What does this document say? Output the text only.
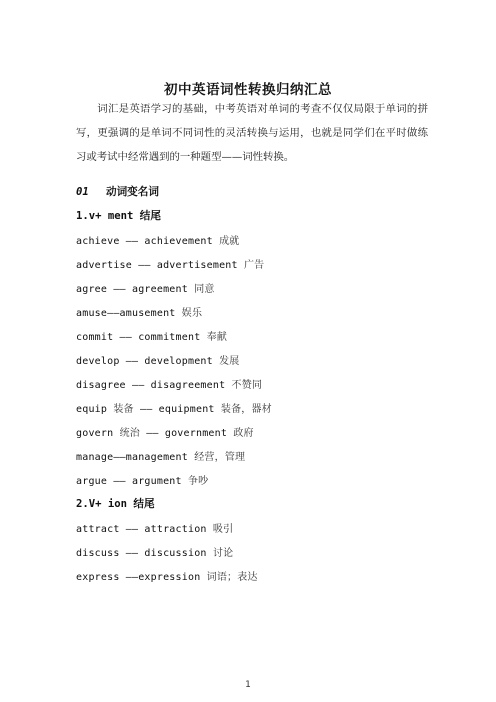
初中英语词性转换归纳汇总
词汇是英语学习的基础，中考英语对单词的考查不仅仅局限于单词的拼写，更强调的是单词不同词性的灵活转换与运用，也就是同学们在平时做练习或考试中经常遇到的一种题型——词性转换。
01 动词变名词
1.v+ ment 结尾
achieve —— achievement 成就
advertise —— advertisement 广告
agree —— agreement 同意
amuse——amusement 娱乐
commit —— commitment 奉献
develop —— development 发展
disagree —— disagreement 不赞同
equip 装备 —— equipment 装备，器材
govern 统治 —— government 政府
manage——management 经营，管理
argue —— argument 争吵
2.V+ ion 结尾
attract —— attraction 吸引
discuss —— discussion 讨论
express ——expression 词语；表达
1
